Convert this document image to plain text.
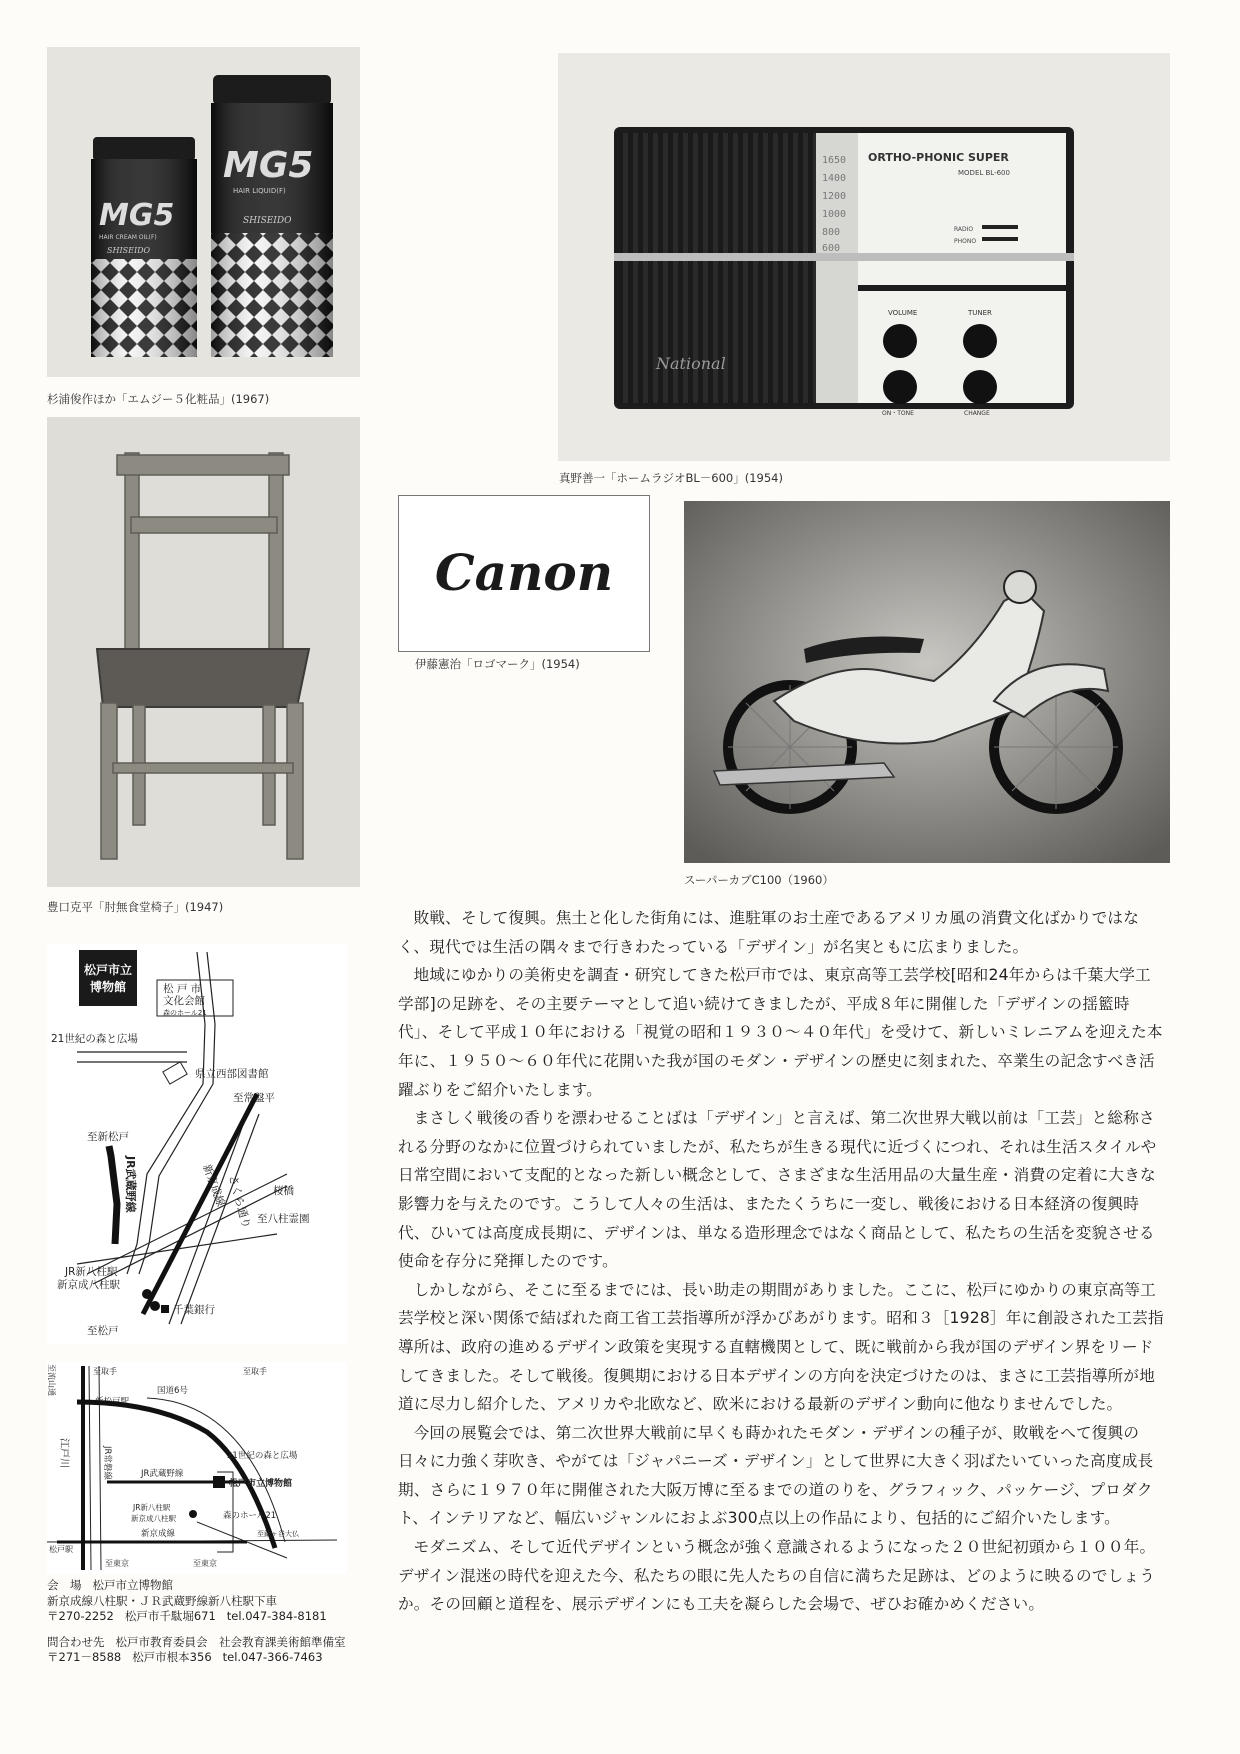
MG5
HAIR CREAM OIL(F)
SHISEIDO
MG5
HAIR LIQUID(F)
SHISEIDO
杉浦俊作ほか「エムジー５化粧品」(1967)
1650
1400
1200
1000
800
600
ORTHO-PHONIC SUPER
MODEL BL-600
RADIO
PHONO
VOLUME	TUNER
ON・TONE	CHANGE
National
真野善一「ホームラジオBL－600」(1954)
豊口克平「肘無食堂椅子」(1947)
Canon
伊藤憲治「ロゴマーク」(1954)
スーパーカブC100（1960）
松戸市立
博物館	松 戸 市
文化会館
森のホール21
21世紀の森と広場
県立西部図書館
至常盤平
至新松戸
JR武蔵野線	新京成線
さくら通り 桜橋
至八柱霊園
JR新八柱駅
新京成八柱駅
千葉銀行
至松戸
至流山通	至取手
国道6号
至取手
新松戸駅
江戸川	JR常磐線	JR武蔵野線
21世紀の森と広場
松戸市立博物館
森のホール21
JR新八柱駅
新京成八柱駅
新京成線	至鎌ヶ谷大仏
松戸駅
至東京	至東京
会　場 松戸市立博物館
新京成線八柱駅・ＪＲ武蔵野線新八柱駅下車
〒270-2252 松戸市千駄堀671 tel.047-384-8181
問合わせ先 松戸市教育委員会　社会教育課美術館準備室
〒271－8588 松戸市根本356 tel.047-366-7463

敗戦、そして復興。焦土と化した街角には、進駐軍のお土産であるアメリカ風の消費文化ばかりではなく、現代では生活の隅々まで行きわたっている「デザイン」が名実ともに広まりました。

地域にゆかりの美術史を調査・研究してきた松戸市では、東京高等工芸学校[昭和24年からは千葉大学工学部]の足跡を、その主要テーマとして追い続けてきましたが、平成８年に開催した「デザインの揺籃時代」、そして平成１０年における「視覚の昭和１９３０～４０年代」を受けて、新しいミレニアムを迎えた本年に、１９５０～６０年代に花開いた我が国のモダン・デザインの歴史に刻まれた、卒業生の記念すべき活躍ぶりをご紹介いたします。

まさしく戦後の香りを漂わせることばは「デザイン」と言えば、第二次世界大戦以前は「工芸」と総称される分野のなかに位置づけられていましたが、私たちが生きる現代に近づくにつれ、それは生活スタイルや日常空間において支配的となった新しい概念として、さまざまな生活用品の大量生産・消費の定着に大きな影響力を与えたのです。こうして人々の生活は、またたくうちに一変し、戦後における日本経済の復興時代、ひいては高度成長期に、デザインは、単なる造形理念ではなく商品として、私たちの生活を変貌させる使命を存分に発揮したのです。

しかしながら、そこに至るまでには、長い助走の期間がありました。ここに、松戸にゆかりの東京高等工芸学校と深い関係で結ばれた商工省工芸指導所が浮かびあがります。昭和３［1928］年に創設された工芸指導所は、政府の進めるデザイン政策を実現する直轄機関として、既に戦前から我が国のデザイン界をリードしてきました。そして戦後。復興期における日本デザインの方向を決定づけたのは、まさに工芸指導所が地道に尽力し紹介した、アメリカや北欧など、欧米における最新のデザイン動向に他なりませんでした。

今回の展覧会では、第二次世界大戦前に早くも蒔かれたモダン・デザインの種子が、敗戦をへて復興の日々に力強く芽吹き、やがては「ジャパニーズ・デザイン」として世界に大きく羽ばたいていった高度成長期、さらに１９７０年に開催された大阪万博に至るまでの道のりを、グラフィック、パッケージ、プロダクト、インテリアなど、幅広いジャンルにおよぶ300点以上の作品により、包括的にご紹介いたします。

モダニズム、そして近代デザインという概念が強く意識されるようになった２０世紀初頭から１００年。デザイン混迷の時代を迎えた今、私たちの眼に先人たちの自信に満ちた足跡は、どのように映るのでしょうか。その回顧と道程を、展示デザインにも工夫を凝らした会場で、ぜひお確かめください。
